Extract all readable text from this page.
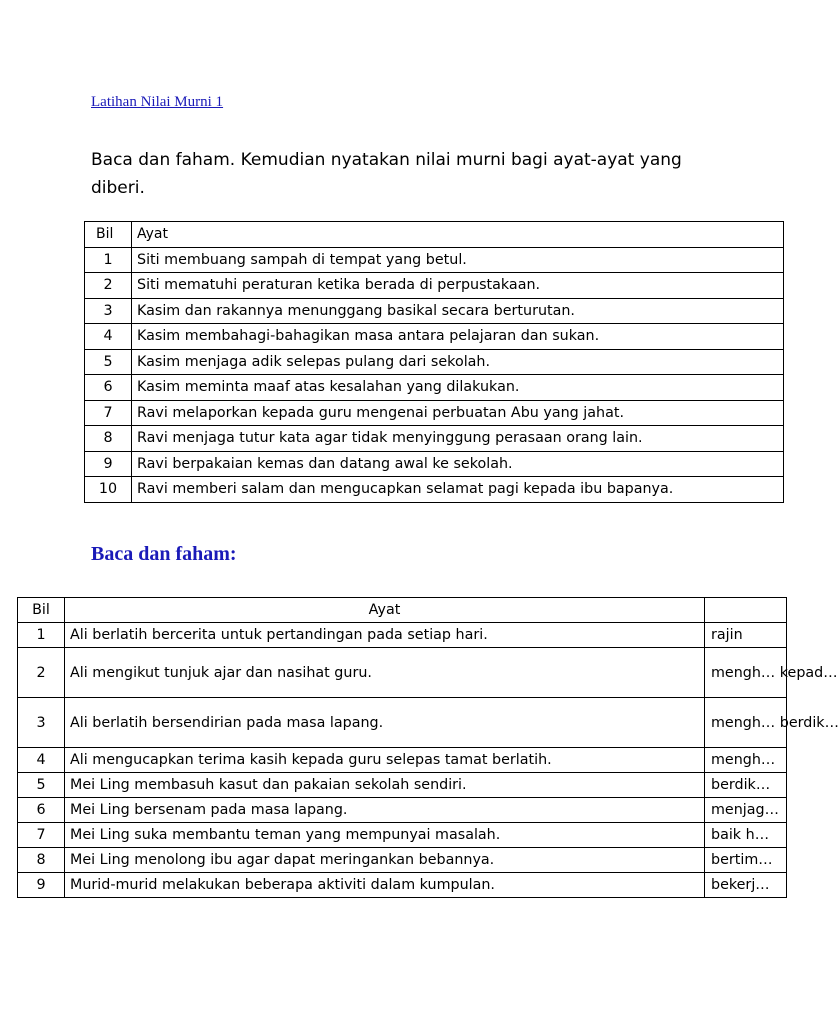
Latihan Nilai Murni 1
Baca dan faham. Kemudian nyatakan nilai murni bagi ayat-ayat yang diberi.
Bil	Ayat
1	Siti membuang sampah di tempat yang betul.
2	Siti mematuhi peraturan ketika berada di perpustakaan.
3	Kasim dan rakannya menunggang basikal secara berturutan.
4	Kasim membahagi-bahagikan masa antara pelajaran dan sukan.
5	Kasim menjaga adik selepas pulang dari sekolah.
6	Kasim meminta maaf atas kesalahan yang dilakukan.
7	Ravi melaporkan kepada guru mengenai perbuatan Abu yang jahat.
8	Ravi menjaga tutur kata agar tidak menyinggung perasaan orang lain.
9	Ravi berpakaian kemas dan datang awal ke sekolah.
10	Ravi memberi salam dan mengucapkan selamat pagi kepada ibu bapanya.
Baca dan faham:
Bil	Ayat	
1	Ali berlatih bercerita untuk pertandingan pada setiap hari.	rajin
2	Ali mengikut tunjuk ajar dan nasihat guru.	mengh… kepad…
3	Ali berlatih bersendirian pada masa lapang.	mengh… berdik…
4	Ali mengucapkan terima kasih kepada guru selepas tamat berlatih.	mengh…
5	Mei Ling membasuh kasut dan pakaian sekolah sendiri.	berdik…
6	Mei Ling bersenam pada masa lapang.	menjag…
7	Mei Ling suka membantu teman yang mempunyai masalah.	baik h…
8	Mei Ling menolong ibu agar dapat meringankan bebannya.	bertim…
9	Murid-murid melakukan beberapa aktiviti dalam kumpulan.	bekerj…
